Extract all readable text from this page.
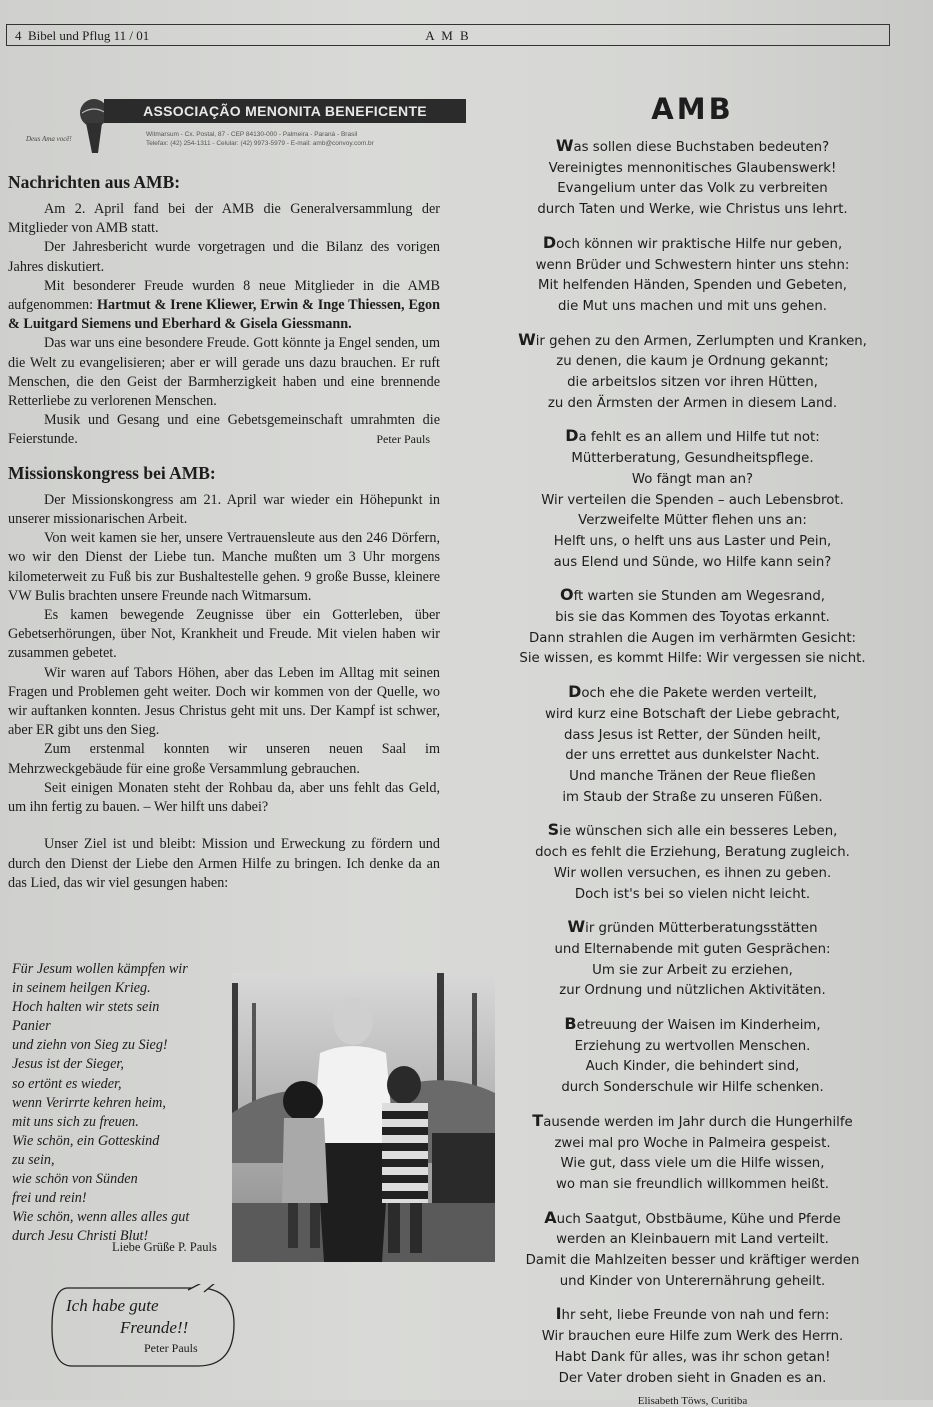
4 Bibel und Pflug 11 / 01	A M B
ASSOCIAÇÃO MENONITA BENEFICENTE
Deus Ama você!
Witmarsum - Cx. Postal, 87 - CEP 84130-000 - Palmeira - Paraná - Brasil
Telefax: (42) 254-1311 - Celular: (42) 9973-5979 - E-mail: amb@convoy.com.br
Nachrichten aus AMB:

Am 2. April fand bei der AMB die Generalversammlung der Mitglieder von AMB statt.

Der Jahresbericht wurde vorgetragen und die Bilanz des vorigen Jahres diskutiert.

Mit besonderer Freude wurden 8 neue Mitglieder in die AMB aufgenommen: Hartmut & Irene Kliewer, Erwin & Inge Thiessen, Egon & Luitgard Siemens und Eberhard & Gisela Giessmann.

Das war uns eine besondere Freude. Gott könnte ja Engel senden, um die Welt zu evangelisieren; aber er will gerade uns dazu brauchen. Er ruft Menschen, die den Geist der Barmherzigkeit haben und eine brennende Retterliebe zu verlorenen Menschen.

Musik und Gesang und eine Gebetsgemeinschaft umrahmten die Feierstunde.	Peter Pauls
Missionskongress bei AMB:

Der Missionskongress am 21. April war wieder ein Höhepunkt in unserer missionarischen Arbeit.

Von weit kamen sie her, unsere Vertrauensleute aus den 246 Dörfern, wo wir den Dienst der Liebe tun. Manche mußten um 3 Uhr morgens kilometerweit zu Fuß bis zur Bushaltestelle gehen. 9 große Busse, kleinere VW Bulis brachten unsere Freunde nach Witmarsum.

Es kamen bewegende Zeugnisse über ein Gotterleben, über Gebetserhörungen, über Not, Krankheit und Freude. Mit vielen haben wir zusammen gebetet.

Wir waren auf Tabors Höhen, aber das Leben im Alltag mit seinen Fragen und Problemen geht weiter. Doch wir kommen von der Quelle, wo wir auftanken konnten. Jesus Christus geht mit uns. Der Kampf ist schwer, aber ER gibt uns den Sieg.

Zum erstenmal konnten wir unseren neuen Saal im Mehrzweckgebäude für eine große Versammlung gebrauchen.

Seit einigen Monaten steht der Rohbau da, aber uns fehlt das Geld, um ihn fertig zu bauen. – Wer hilft uns dabei?

Unser Ziel ist und bleibt: Mission und Erweckung zu fördern und durch den Dienst der Liebe den Armen Hilfe zu bringen. Ich denke da an das Lied, das wir viel gesungen haben:

Für Jesum wollen kämpfen wir

in seinem heilgen Krieg.

Hoch halten wir stets sein

Panier

und ziehn von Sieg zu Sieg!

Jesus ist der Sieger,

so ertönt es wieder,

wenn Verirrte kehren heim,

mit uns sich zu freuen.

Wie schön, ein Gotteskind

zu sein,

wie schön von Sünden

frei und rein!

Wie schön, wenn alles alles gut

durch Jesu Christi Blut!

Liebe Grüße P. Pauls
Ich habe gute
Freunde!!
Peter Pauls
AMB
Was sollen diese Buchstaben bedeuten?
Vereinigtes mennonitisches Glaubenswerk!
Evangelium unter das Volk zu verbreiten
durch Taten und Werke, wie Christus uns lehrt.
Doch können wir praktische Hilfe nur geben,
wenn Brüder und Schwestern hinter uns stehn:
Mit helfenden Händen, Spenden und Gebeten,
die Mut uns machen und mit uns gehen.
Wir gehen zu den Armen, Zerlumpten und Kranken,
zu denen, die kaum je Ordnung gekannt;
die arbeitslos sitzen vor ihren Hütten,
zu den Ärmsten der Armen in diesem Land.
Da fehlt es an allem und Hilfe tut not:
Mütterberatung, Gesundheitspflege.
Wo fängt man an?
Wir verteilen die Spenden – auch Lebensbrot.
Verzweifelte Mütter flehen uns an:
Helft uns, o helft uns aus Laster und Pein,
aus Elend und Sünde, wo Hilfe kann sein?
Oft warten sie Stunden am Wegesrand,
bis sie das Kommen des Toyotas erkannt.
Dann strahlen die Augen im verhärmten Gesicht:
Sie wissen, es kommt Hilfe: Wir vergessen sie nicht.
Doch ehe die Pakete werden verteilt,
wird kurz eine Botschaft der Liebe gebracht,
dass Jesus ist Retter, der Sünden heilt,
der uns errettet aus dunkelster Nacht.
Und manche Tränen der Reue fließen
im Staub der Straße zu unseren Füßen.
Sie wünschen sich alle ein besseres Leben,
doch es fehlt die Erziehung, Beratung zugleich.
Wir wollen versuchen, es ihnen zu geben.
Doch ist's bei so vielen nicht leicht.
Wir gründen Mütterberatungsstätten
und Elternabende mit guten Gesprächen:
Um sie zur Arbeit zu erziehen,
zur Ordnung und nützlichen Aktivitäten.
Betreuung der Waisen im Kinderheim,
Erziehung zu wertvollen Menschen.
Auch Kinder, die behindert sind,
durch Sonderschule wir Hilfe schenken.
Tausende werden im Jahr durch die Hungerhilfe
zwei mal pro Woche in Palmeira gespeist.
Wie gut, dass viele um die Hilfe wissen,
wo man sie freundlich willkommen heißt.
Auch Saatgut, Obstbäume, Kühe und Pferde
werden an Kleinbauern mit Land verteilt.
Damit die Mahlzeiten besser und kräftiger werden
und Kinder von Unterernährung geheilt.
Ihr seht, liebe Freunde von nah und fern:
Wir brauchen eure Hilfe zum Werk des Herrn.
Habt Dank für alles, was ihr schon getan!
Der Vater droben sieht in Gnaden es an.
Elisabeth Töws, Curitiba
